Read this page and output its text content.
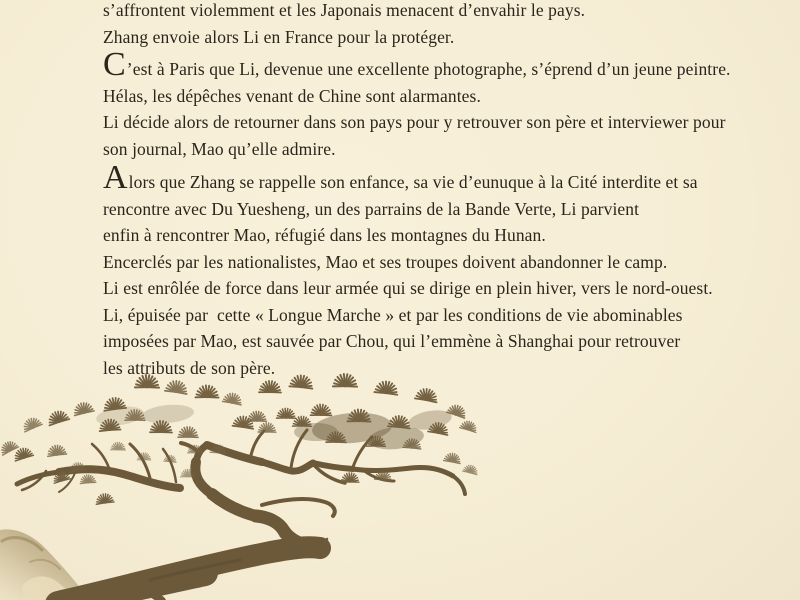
s’affrontent violemment et les Japonais menacent d’envahir le pays.
Zhang envoie alors Li en France pour la protéger.
C’est à Paris que Li, devenue une excellente photographe, s’éprend d’un jeune peintre.
Hélas, les dépêches venant de Chine sont alarmantes.
Li décide alors de retourner dans son pays pour y retrouver son père et interviewer pour
son journal, Mao qu’elle admire.
Alors que Zhang se rappelle son enfance, sa vie d’eunuque à la Cité interdite et sa
rencontre avec Du Yuesheng, un des parrains de la Bande Verte, Li parvient
enfin à rencontrer Mao, réfugié dans les montagnes du Hunan.
Encerclés par les nationalistes, Mao et ses troupes doivent abandonner le camp.
Li est enrôlée de force dans leur armée qui se dirige en plein hiver, vers le nord-ouest.
Li, épuisée par  cette « Longue Marche » et par les conditions de vie abominables
imposées par Mao, est sauvée par Chou, qui l’emmène à Shanghai pour retrouver
les attributs de son père.
